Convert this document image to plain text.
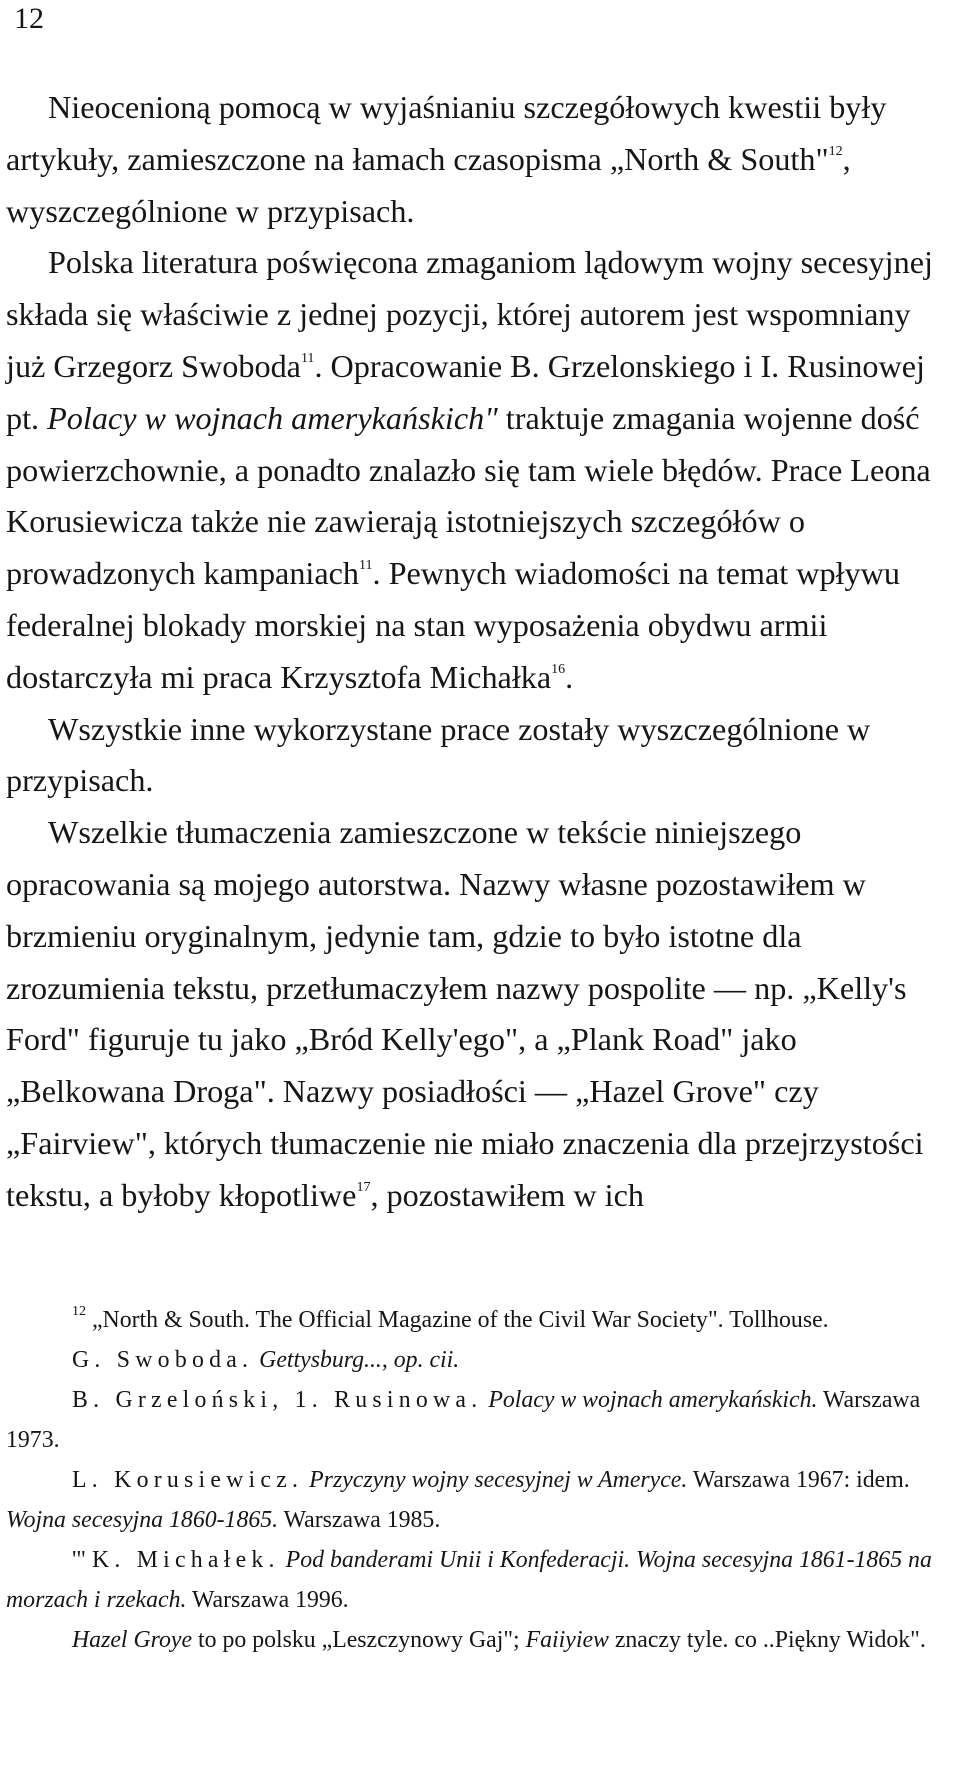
12

Nieocenioną pomocą w wyjaśnianiu szczegółowych kwestii były artykuły, zamieszczone na łamach czasopisma „North & South"$^{12}$, wyszczególnione w przypisach.

Polska literatura poświęcona zmaganiom lądowym wojny secesyjnej składa się właściwie z jednej pozycji, której autorem jest wspomniany już Grzegorz Swoboda$^{11}$. Opracowanie B. Grzelonskiego i I. Rusinowej pt. Polacy w wojnach amerykańskich" traktuje zmagania wojenne dość powierzchownie, a ponadto znalazło się tam wiele błędów. Prace Leona Korusiewicza także nie zawierają istotniejszych szczegółów o prowadzonych kampaniach$^{11}$. Pewnych wiadomości na temat wpływu federalnej blokady morskiej na stan wyposażenia obydwu armii dostarczyła mi praca Krzysztofa Michałka$^{16}$.

Wszystkie inne wykorzystane prace zostały wyszczególnione w przypisach.

Wszelkie tłumaczenia zamieszczone w tekście niniejszego opracowania są mojego autorstwa. Nazwy własne pozostawiłem w brzmieniu oryginalnym, jedynie tam, gdzie to było istotne dla zrozumienia tekstu, przetłumaczyłem nazwy pospolite — np. „Kelly's Ford" figuruje tu jako „Bród Kelly'ego", a „Plank Road" jako „Belkowana Droga". Nazwy posiadłości — „Hazel Grove" czy „Fairview", których tłumaczenie nie miało znaczenia dla przejrzystości tekstu, a byłoby kłopotliwe$^{17}$, pozostawiłem w ich

$^{12}$ „North & South. The Official Magazine of the Civil War Society". Tollhouse.

G. Swoboda. Gettysburg..., op. cii.

B. Grzeloński, 1. Rusinowa. Polacy w wojnach amerykańskich. Warszawa 1973.

L. Korusiewicz. Przyczyny wojny secesyjnej w Ameryce. Warszawa 1967: idem. Wojna secesyjna 1860-1865. Warszawa 1985.

'" K. Michałek. Pod banderami Unii i Konfederacji. Wojna secesyjna 1861-1865 na morzach i rzekach. Warszawa 1996.

Hazel Groye to po polsku „Leszczynowy Gaj"; Faiiyiew znaczy tyle. co ..Piękny Widok".
